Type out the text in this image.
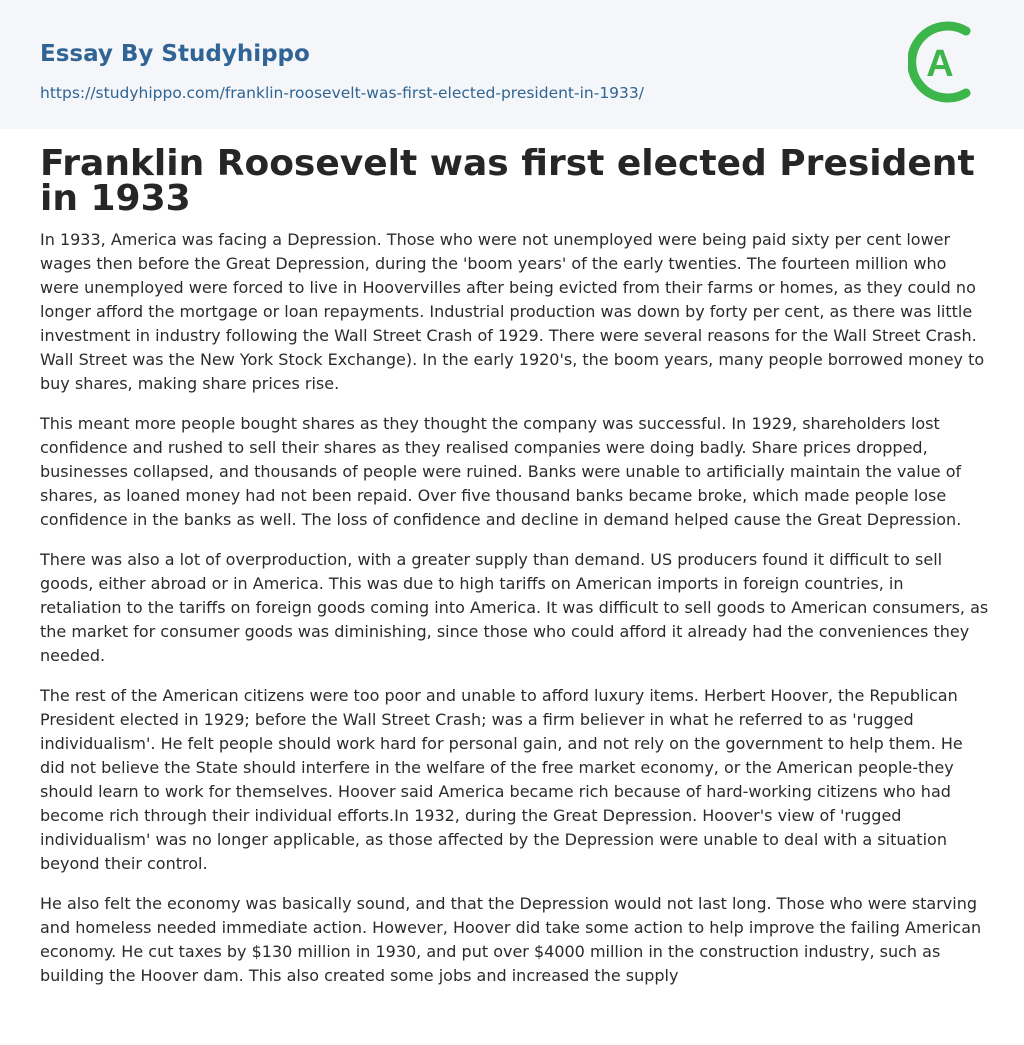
Essay By Studyhippo
https://studyhippo.com/franklin-roosevelt-was-first-elected-president-in-1933/
A
Franklin Roosevelt was first elected President in 1933

In 1933, America was facing a Depression. Those who were not unemployed were being paid sixty per cent lower wages then before the Great Depression, during the 'boom years' of the early twenties. The fourteen million who were unemployed were forced to live in Hoovervilles after being evicted from their farms or homes, as they could no longer afford the mortgage or loan repayments. Industrial production was down by forty per cent, as there was little investment in industry following the Wall Street Crash of 1929. There were several reasons for the Wall Street Crash. Wall Street was the New York Stock Exchange). In the early 1920's, the boom years, many people borrowed money to buy shares, making share prices rise.

This meant more people bought shares as they thought the company was successful. In 1929, shareholders lost confidence and rushed to sell their shares as they realised companies were doing badly. Share prices dropped, businesses collapsed, and thousands of people were ruined. Banks were unable to artificially maintain the value of shares, as loaned money had not been repaid. Over five thousand banks became broke, which made people lose confidence in the banks as well. The loss of confidence and decline in demand helped cause the Great Depression.

There was also a lot of overproduction, with a greater supply than demand. US producers found it difficult to sell goods, either abroad or in America. This was due to high tariffs on American imports in foreign countries, in retaliation to the tariffs on foreign goods coming into America. It was difficult to sell goods to American consumers, as the market for consumer goods was diminishing, since those who could afford it already had the conveniences they needed.

The rest of the American citizens were too poor and unable to afford luxury items. Herbert Hoover, the Republican President elected in 1929; before the Wall Street Crash; was a firm believer in what he referred to as 'rugged individualism'. He felt people should work hard for personal gain, and not rely on the government to help them. He did not believe the State should interfere in the welfare of the free market economy, or the American people-they should learn to work for themselves. Hoover said America became rich because of hard-working citizens who had become rich through their individual efforts.In 1932, during the Great Depression. Hoover's view of 'rugged individualism' was no longer applicable, as those affected by the Depression were unable to deal with a situation beyond their control.

He also felt the economy was basically sound, and that the Depression would not last long. Those who were starving and homeless needed immediate action. However, Hoover did take some action to help improve the failing American economy. He cut taxes by $130 million in 1930, and put over $4000 million in the construction industry, such as building the Hoover dam. This also created some jobs and increased the supply
